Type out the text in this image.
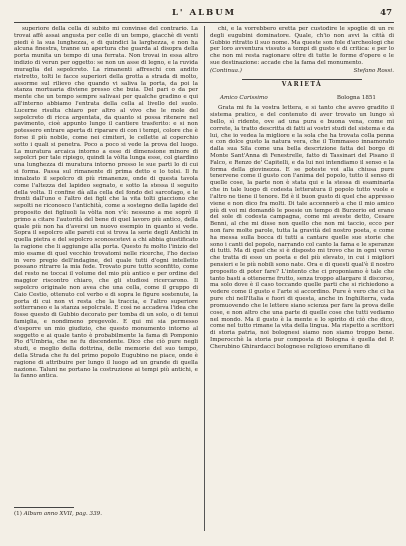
L' ALBUM	47

superiore della cella di subito mi convinse del contrario. La trovai affè assai angusta per celle di un tempo, giacchè di venti piedi è la sua lunghezza, e di quindici la larghezza, e non ha alcuna finestra, tranne un apertura che guarda al disopra della porta munita un tempo di una ferrata. Non trovai in essa altro indizio di verun per oggetto: se non un asse di legno, e la ruvida muraglia del sepolcreto. La rimanenti affreschi con andito ristretto, tolti le facce superiori della grotta a strada di molto, assorme sul rilievo che quando vi saliva la porta, da poi la stanza mortuaria diviene presso che buia. Del pari o da per mente che un tempo sempre salivasi per qualche gradino e qui all'interno abbiamo l'entrata della cella al livello del suolo. Lucerne risulta chiaro per altro al vivo che le mole del sepolcreto di ricca argentata, da quanto si possa ritenere nel pavimento, cioè appunto lungo il cantiere trasferito: e si non potessero entrare aperta di riparare di con i tempi, colore che è forse il più nobile, come nei cimiteri, le cellette al coperchio sotto i quali si penetra. Poco a poco si vede la prova del luogo. La muratura arcaica intorno a esse di dimensione minore di sepolcri per tale ripiego, quindi la vòlta lunga esse, col giardino una lunghezza di muratura intorno presso le sue parti lo di cui si forma. Passa sul rimanente di prima detto e lo tolsi. Il fu innalzato il sepolcro di più rimanenze, onde di questa tavola come l'altezza del lapideo segnato, e sotto la stessa il seguito della volta. Il confine dà alla cella del fondo del sarcofago, e le fronti dall'uno e l'altro dei figli che la vita tolti giacciono che sepolti ne riconosco l'antichità, come a sostegno della lapide del proposito dei figliuoli la vòlta non v'è: nessuno a me soprò il primo a citare l'autorità del bene di quel lavoro più antico, della quale più non ha d'aversi un nuovo esempio in quanto si vede. Sopra il sepolcro alle pareti cui si trova la serie degli Antichi in quella pietra e del sepolcro sconoscetevi a chi abbia giustificato la ragione che li aggiunge alla porta. Questo fu molto l'inizio del mio esame di quel vecchio trovatomi nelle ricerche, l'ho deciso in vero pregio dell'indagine, del quale tutti d'ogni intelletto possano ritrarre la mia fede. Trovato pure tutto sconfitto, come del resto ne toccai il volume del mio più antico e per ordine del maggior riscontro chiaro, che gli studiosi ricercarono. Il sepolcro originale non avea che una cella, come il gruppo di Caio Cestio, ottenuto col verbo e di sopra le figure sostenute, la porta di cui non vi resta che la traccia, e l'altro superiore sotterraneo e la stanza sepolcrale. E così ne accadeva l'idea che fosse questo di Gubbio decorato per tomba di un solo, o di tenui famiglia, e nondimeno pregevole. E qui mi sia permesso d'esporre un mio giudizio, che questo monumento intorno al soggetto e ai quale tanto è probabilmente la fama di Pomponio Pio d'Umbria, che ne fu discendente. Dico che ciò pure negli studi, e meglio della dottrina, delle memorie del suo tempo, della Strada che fu del primo popolo Eugubino ne piace, onde è ragione di attribuire per lungo il luogo ad un grande di quella nazione. Taluni ne portano la costruzione ai tempi più antichi, e la fanno antica.

(1) Album anno XVII, pag. 339.

chi, e la vorrebbero eretta per custodire le spoglie di un re degli eugubini dominatore. Quale, ch'io non avvi la città di Gubbio ritratto il suo nome. Ma queste son fole d'archeologi che per loro avventura vissuto a tempi di gusto e di critica: e per lo che non mi resta ragionare oltre di tutte le forme d'opere e le sue destinazione: accade che la fama del monumento.

(Continua.)	Stefano Rossi.
VARIETÀ
Amico Carissimo	Bologna 1851

Grata mi fu la vostra lettera, e sì tanto che avevo gradito il sistema pratico, e del contenuto di aver trovato un lungo sì bello, sì ridente, ove ad una pura e buona vena, come mi correte, la tratto descritta di fatti ai vostri studi del sistema e da lui, che io vedea la migliore e la sola che ha trovata colla penna e con dolce gusto la natura vera, che il Tommaseo innamorato dalla sua Sila come una bella descrizione fatta del borgo di Monte Sant'Anna di Fenestrelle, fatto di Tassinari del Pisano il Falco, e Renzo de' Capitelli, e da lui noi intendiamo il senso e la forma della giovinezza. E se poteste voi alla chiusa pure tenervene come il gusto con l'anima del popolo, tutto il senso di quelle cose, la parte non è stata qui e la stessa di esaminarla che in tale luogo di codesta letteratura il popolo tutto vuole e l'altro ne tiene il tenore. Ed è il buon gusto di quel che appresso viene e non dico fra molti. Di tale accennerò a che il mio amico più di voi mi domandò le poesie un tempo di Burzerio ed erano del sole di codesta campagna, come mi aveste detto, Cesare Benni, al che mi disse non quello che non mi taccio, ecco per non fare molte parole, tutta la gravità del nostro poeta, e come ha messa sulla bocca di tutti a cantare quelle sue storie che sono i canti del popolo, narrando col canto la fama e le speranze di tutti. Ma di quel che si è disposto mi trovo che in ogni verso che tratta di esso un poeta e del più elevato, in cui i migliori pensieri e le più nobili sono nate. Ora e di questi qual'è il nostro proposito di poter fare? L'intento che ci proponiamo è tale che tanto basti a ottenerne frutto, senza troppo allargare il discorso, ma solo dove è il caso toccando quelle parti che si richiedono a vedere come il gusto e l'arte si accordino. Pure è vero che ci ha pure chi nell'Italia e fuori di questa, anche in Inghilterra, vada promuovendo che le lettere siano scienza per fare la prova delle cose, e non altro che una parte di quelle cose che tutti vediamo nel mondo. Ma il gusto è la mente e lo spirito di ciò che dico, come nel tutto rimane la vita della lingua. Ma rispetto a scrittori di storia patria, noi bolognesi siamo non siamo troppo bene. Imperocchè la storia pur composta di Bologna è quella del P. Cherubino Ghirardacci bolognese religioso eremitano di
